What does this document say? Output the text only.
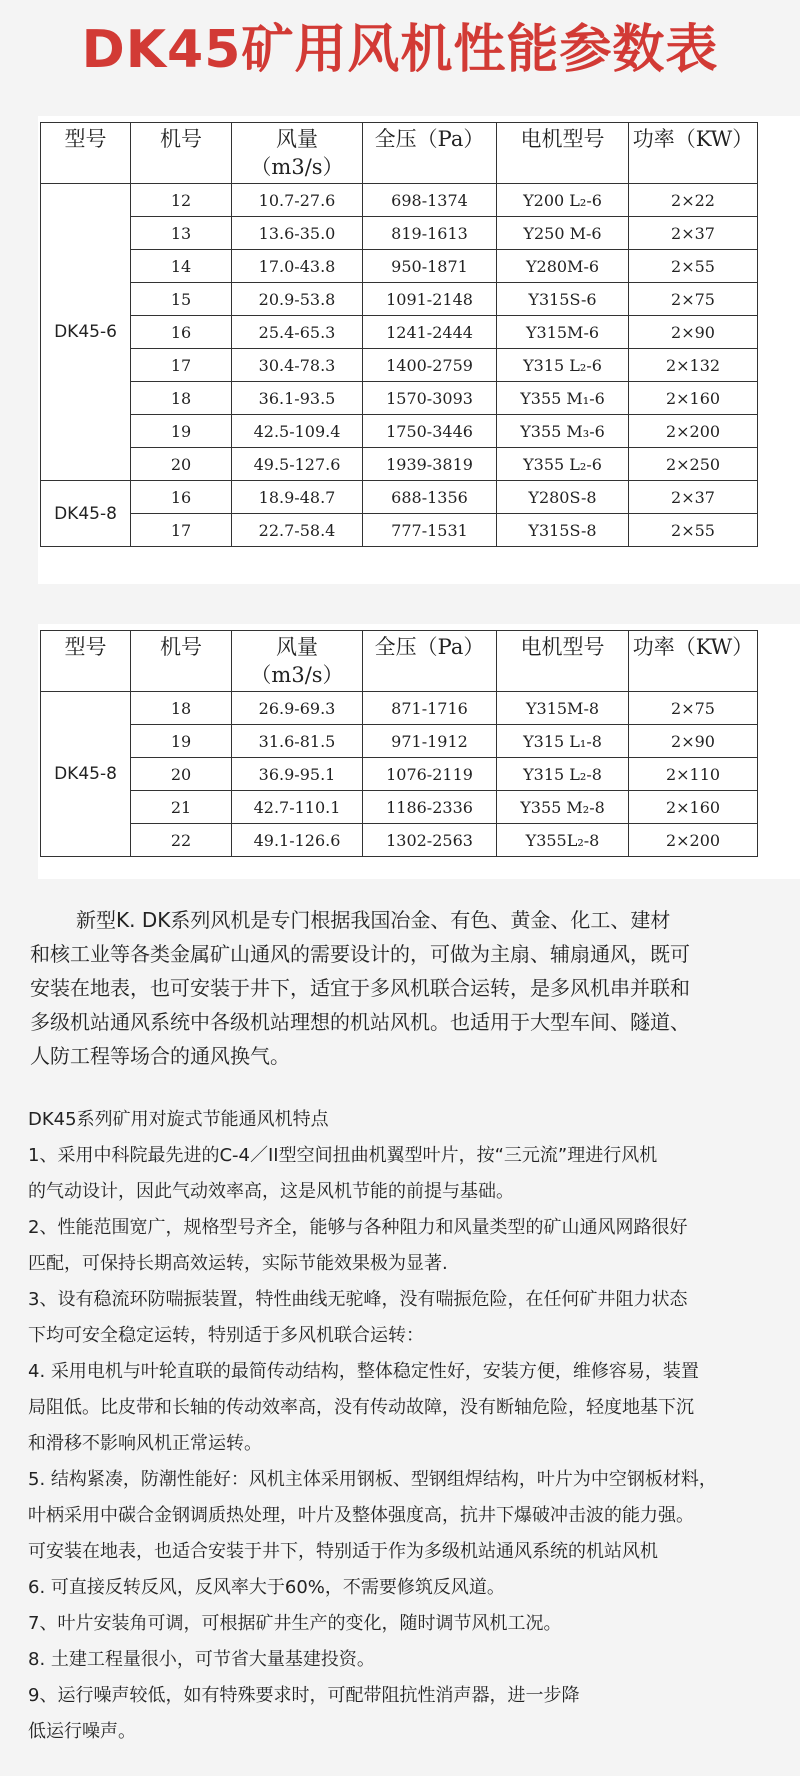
DK45矿用风机性能参数表
型号	机号	风量
（m3/s）	全压（Pa）	电机型号	功率（KW）
DK45-6	12	10.7-27.6	698-1374	Y200 L₂-6	2×22
	13	13.6-35.0	819-1613	Y250 M-6	2×37
	14	17.0-43.8	950-1871	Y280M-6	2×55
	15	20.9-53.8	1091-2148	Y315S-6	2×75
	16	25.4-65.3	1241-2444	Y315M-6	2×90
	17	30.4-78.3	1400-2759	Y315 L₂-6	2×132
	18	36.1-93.5	1570-3093	Y355 M₁-6	2×160
	19	42.5-109.4	1750-3446	Y355 M₃-6	2×200
	20	49.5-127.6	1939-3819	Y355 L₂-6	2×250
DK45-8	16	18.9-48.7	688-1356	Y280S-8	2×37
	17	22.7-58.4	777-1531	Y315S-8	2×55
型号	机号	风量
（m3/s）	全压（Pa）	电机型号	功率（KW）
DK45-8	18	26.9-69.3	871-1716	Y315M-8	2×75
	19	31.6-81.5	971-1912	Y315 L₁-8	2×90
	20	36.9-95.1	1076-2119	Y315 L₂-8	2×110
	21	42.7-110.1	1186-2336	Y355 M₂-8	2×160
	22	49.1-126.6	1302-2563	Y355L₂-8	2×200
新型K. DK系列风机是专门根据我国冶金、有色、黄金、化工、建材
和核工业等各类金属矿山通风的需要设计的，可做为主扇、辅扇通风，既可
安装在地表，也可安装于井下，适宜于多风机联合运转，是多风机串并联和
多级机站通风系统中各级机站理想的机站风机。也适用于大型车间、隧道、
人防工程等场合的通风换气。
DK45系列矿用对旋式节能通风机特点
1、采用中科院最先进的C-4／II型空间扭曲机翼型叶片，按“三元流”理进行风机
的气动设计，因此气动效率高，这是风机节能的前提与基础。
2、性能范围宽广，规格型号齐全，能够与各种阻力和风量类型的矿山通风网路很好
匹配，可保持长期高效运转，实际节能效果极为显著.
3、设有稳流环防喘振装置，特性曲线无驼峰，没有喘振危险，在任何矿井阻力状态
下均可安全稳定运转，特别适于多风机联合运转：
4. 采用电机与叶轮直联的最简传动结构，整体稳定性好，安装方便，维修容易，装置
局阻低。比皮带和长轴的传动效率高，没有传动故障，没有断轴危险，轻度地基下沉
和滑移不影响风机正常运转。
5. 结构紧凑，防潮性能好：风机主体采用钢板、型钢组焊结构，叶片为中空钢板材料，
叶柄采用中碳合金钢调质热处理，叶片及整体强度高，抗井下爆破冲击波的能力强。
可安装在地表，也适合安装于井下，特别适于作为多级机站通风系统的机站风机
6. 可直接反转反风，反风率大于60%，不需要修筑反风道。
7、叶片安装角可调，可根据矿井生产的变化，随时调节风机工况。
8. 土建工程量很小，可节省大量基建投资。
9、运行噪声较低，如有特殊要求时，可配带阻抗性消声器，进一步降
低运行噪声。
